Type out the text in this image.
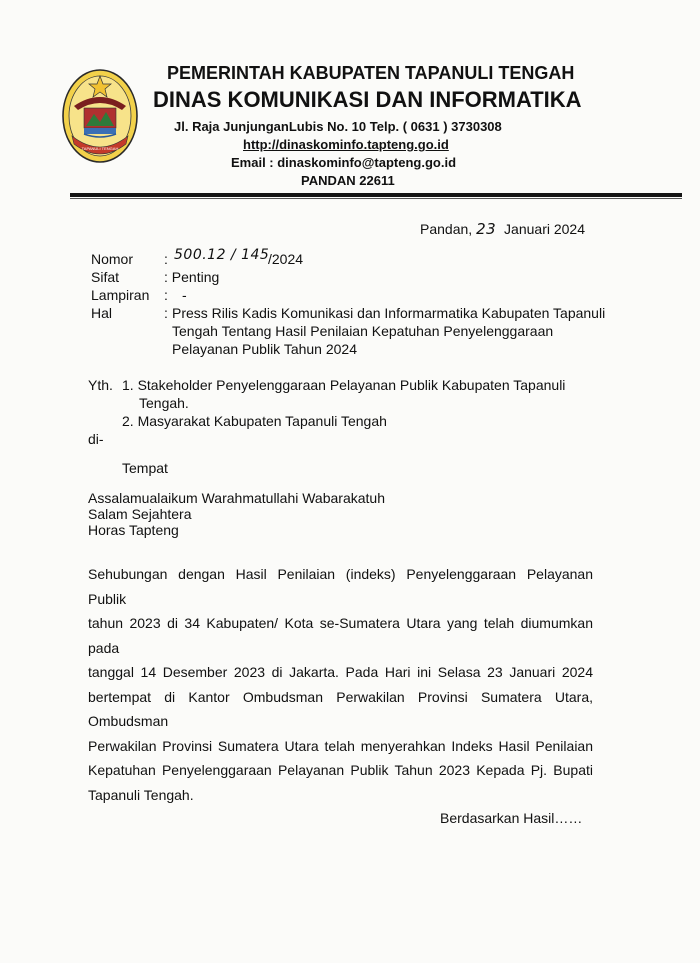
TAPANULI TENGAH
PEMERINTAH KABUPATEN TAPANULI TENGAH
DINAS KOMUNIKASI DAN INFORMATIKA
Jl. Raja JunjunganLubis No. 10 Telp. ( 0631 ) 3730308
http://dinaskominfo.tapteng.go.id
Email : dinaskominfo@tapteng.go.id
PANDAN 22611
Pandan, 23 Januari 2024
Nomor : 500.12 / 145
/2024
Sifat	: Penting
Lampiran : -
Hal	: Press Rilis Kadis Komunikasi dan Informarmatika Kabupaten Tapanuli
Tengah Tentang Hasil Penilaian Kepatuhan Penyelenggaraan
Pelayanan Publik Tahun 2024
Yth. 1. Stakeholder Penyelenggaraan Pelayanan Publik Kabupaten Tapanuli
Tengah.
2. Masyarakat Kabupaten Tapanuli Tengah
di-
Tempat
Assalamualaikum Warahmatullahi Wabarakatuh
Salam Sejahtera
Horas Tapteng
Sehubungan dengan Hasil Penilaian (indeks) Penyelenggaraan Pelayanan Publik
tahun 2023 di 34 Kabupaten/ Kota se-Sumatera Utara yang telah diumumkan pada
tanggal 14 Desember 2023 di Jakarta. Pada Hari ini Selasa 23 Januari 2024
bertempat di Kantor Ombudsman Perwakilan Provinsi Sumatera Utara, Ombudsman
Perwakilan Provinsi Sumatera Utara telah menyerahkan Indeks Hasil Penilaian
Kepatuhan Penyelenggaraan Pelayanan Publik Tahun 2023 Kepada Pj. Bupati
Tapanuli Tengah.
Berdasarkan Hasil……
